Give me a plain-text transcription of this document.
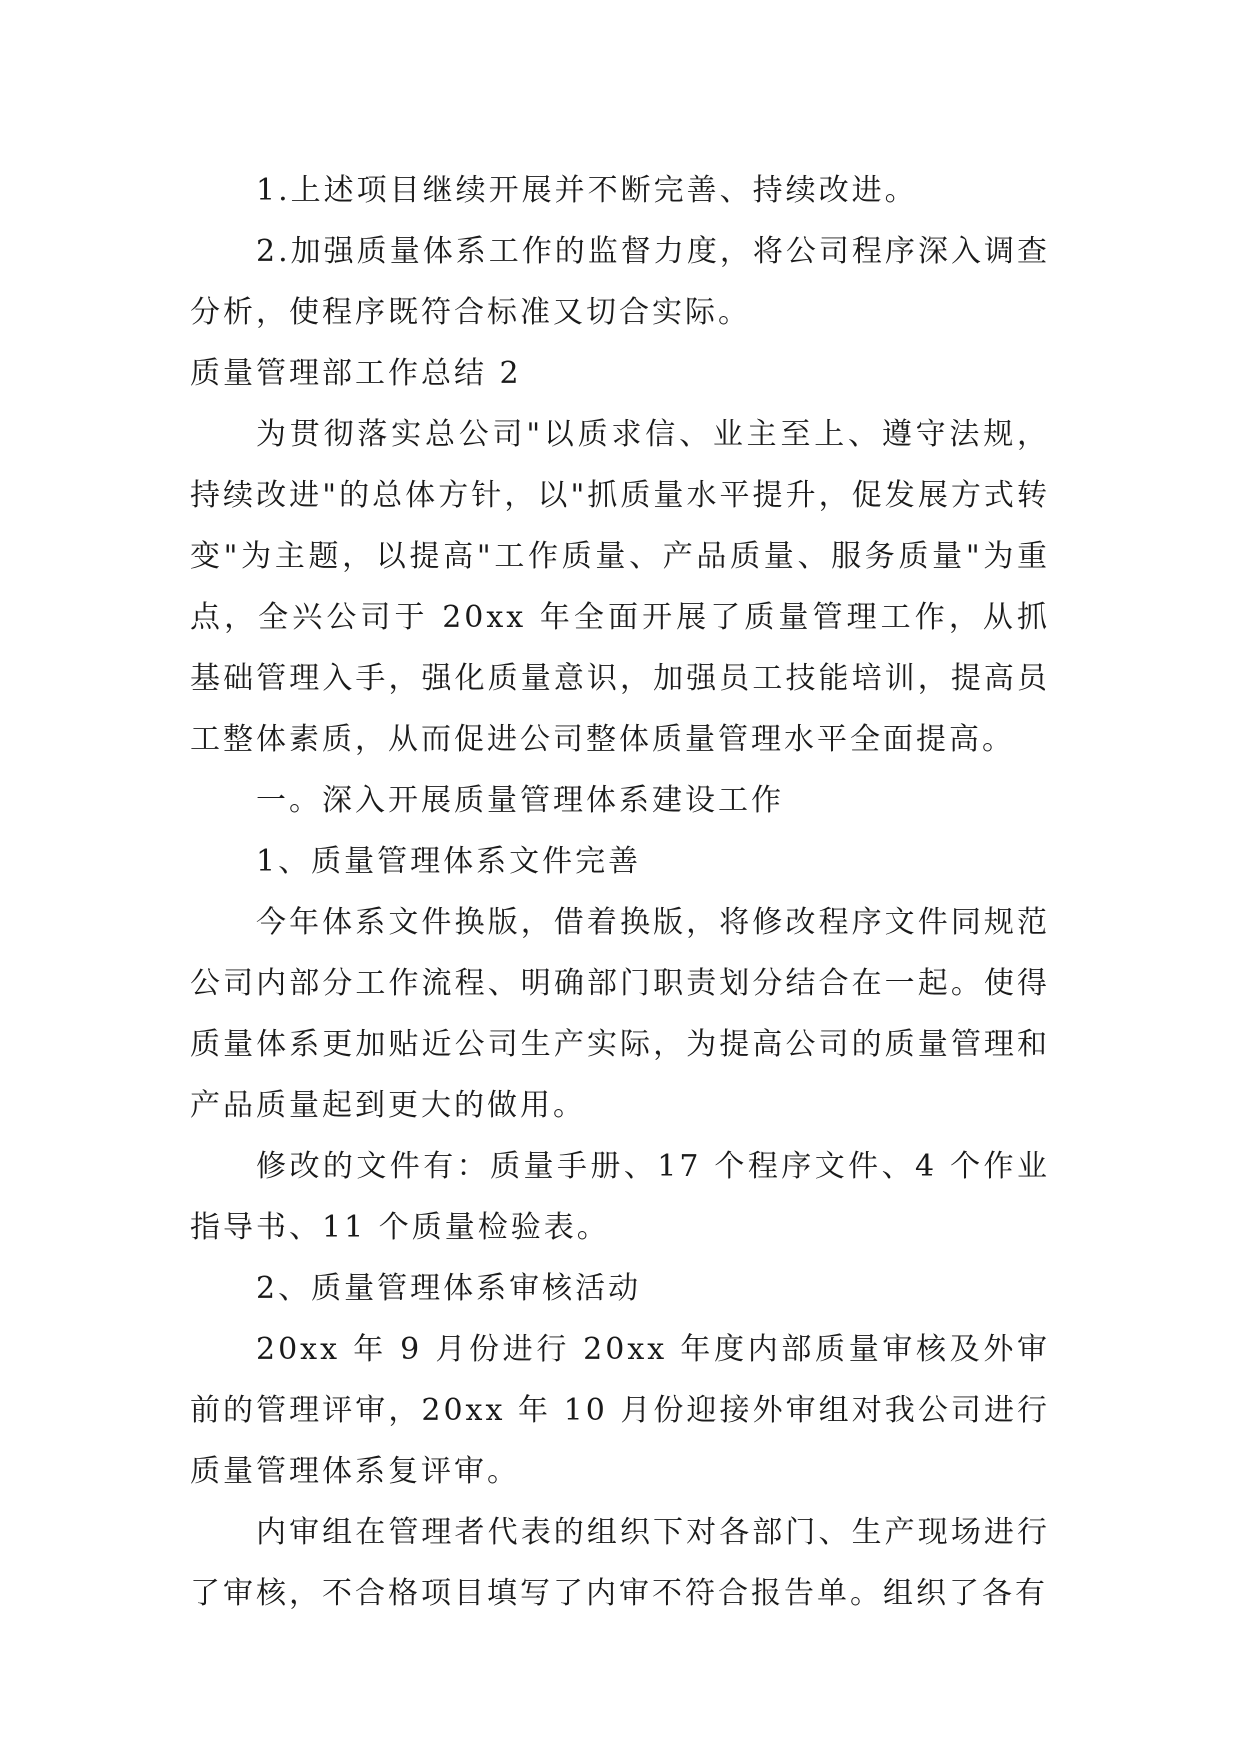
1.上述项目继续开展并不断完善、持续改进。

2.加强质量体系工作的监督力度，将公司程序深入调查分析，使程序既符合标准又切合实际。

质量管理部工作总结 2

为贯彻落实总公司"以质求信、业主至上、遵守法规，持续改进"的总体方针，以"抓质量水平提升，促发展方式转变"为主题，以提高"工作质量、产品质量、服务质量"为重点，全兴公司于 20xx 年全面开展了质量管理工作，从抓基础管理入手，强化质量意识，加强员工技能培训，提高员工整体素质，从而促进公司整体质量管理水平全面提高。

一。深入开展质量管理体系建设工作

1、质量管理体系文件完善

今年体系文件换版，借着换版，将修改程序文件同规范公司内部分工作流程、明确部门职责划分结合在一起。使得质量体系更加贴近公司生产实际，为提高公司的质量管理和产品质量起到更大的做用。

修改的文件有：质量手册、17 个程序文件、4 个作业指导书、11 个质量检验表。

2、质量管理体系审核活动

20xx 年 9 月份进行 20xx 年度内部质量审核及外审前的管理评审，20xx 年 10 月份迎接外审组对我公司进行质量管理体系复评审。

内审组在管理者代表的组织下对各部门、生产现场进行了审核，不合格项目填写了内审不符合报告单。组织了各有
